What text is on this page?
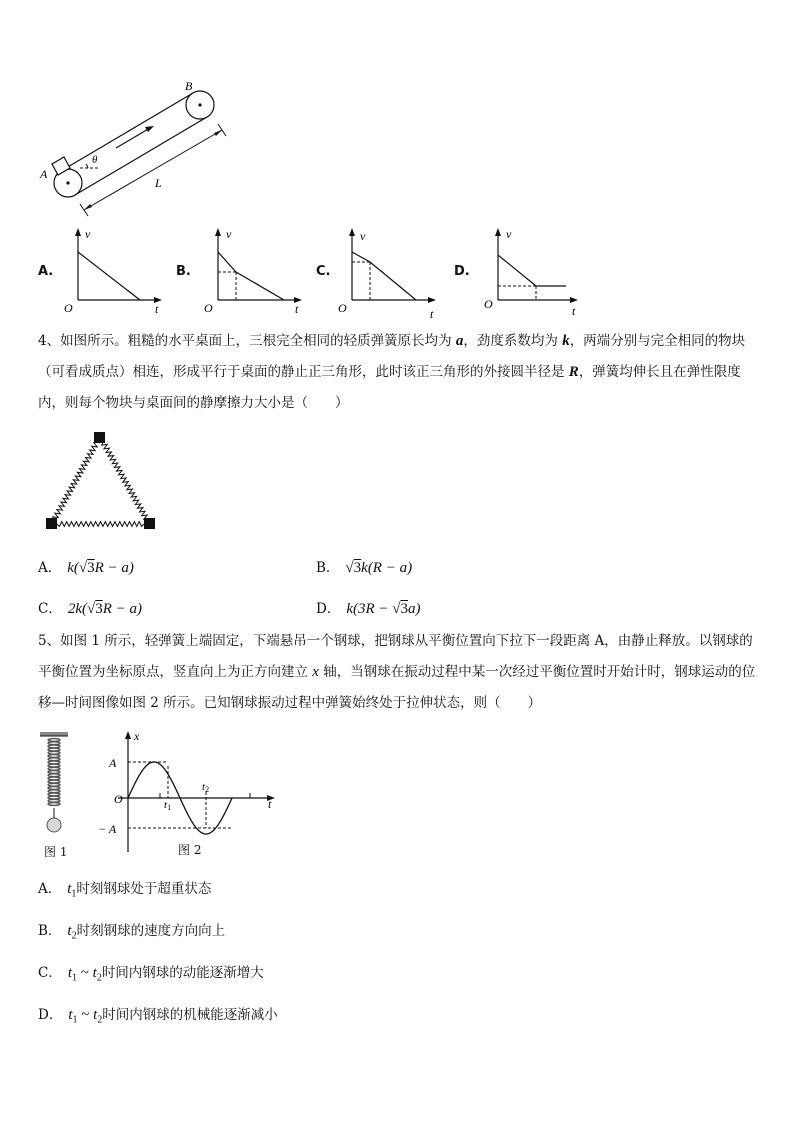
A
B
θ
L
A.	B.	C.	D.
v
t
O
v
t
O
v
t
O
v
t
O
4、如图所示。粗糙的水平桌面上，三根完全相同的轻质弹簧原长均为 a，劲度系数均为 k，两端分别与完全相同的物块（可看成质点）相连，形成平行于桌面的静止正三角形，此时该正三角形的外接圆半径是 R，弹簧均伸长且在弹性限度内，则每个物块与桌面间的静摩擦力大小是（　　）
A． k(√3R − a)	B． √3k(R − a)
C． 2k(√3R − a)	D． k(3R − √3a)
5、如图 1 所示，轻弹簧上端固定，下端悬吊一个钢球，把钢球从平衡位置向下拉下一段距离 A，由静止释放。以钢球的平衡位置为坐标原点，竖直向上为正方向建立 x 轴，当钢球在振动过程中某一次经过平衡位置时开始计时，钢球运动的位移—时间图像如图 2 所示。已知钢球振动过程中弹簧始终处于拉伸状态，则（　　）
图 1
x
t
O
A
− A
t1
t2
图 2
A． $t_1$时刻钢球处于超重状态
B． $t_2$时刻钢球的速度方向向上
C． $t_1$ ~ $t_2$时间内钢球的动能逐渐增大
D． $t_1$ ~ $t_2$时间内钢球的机械能逐渐减小
